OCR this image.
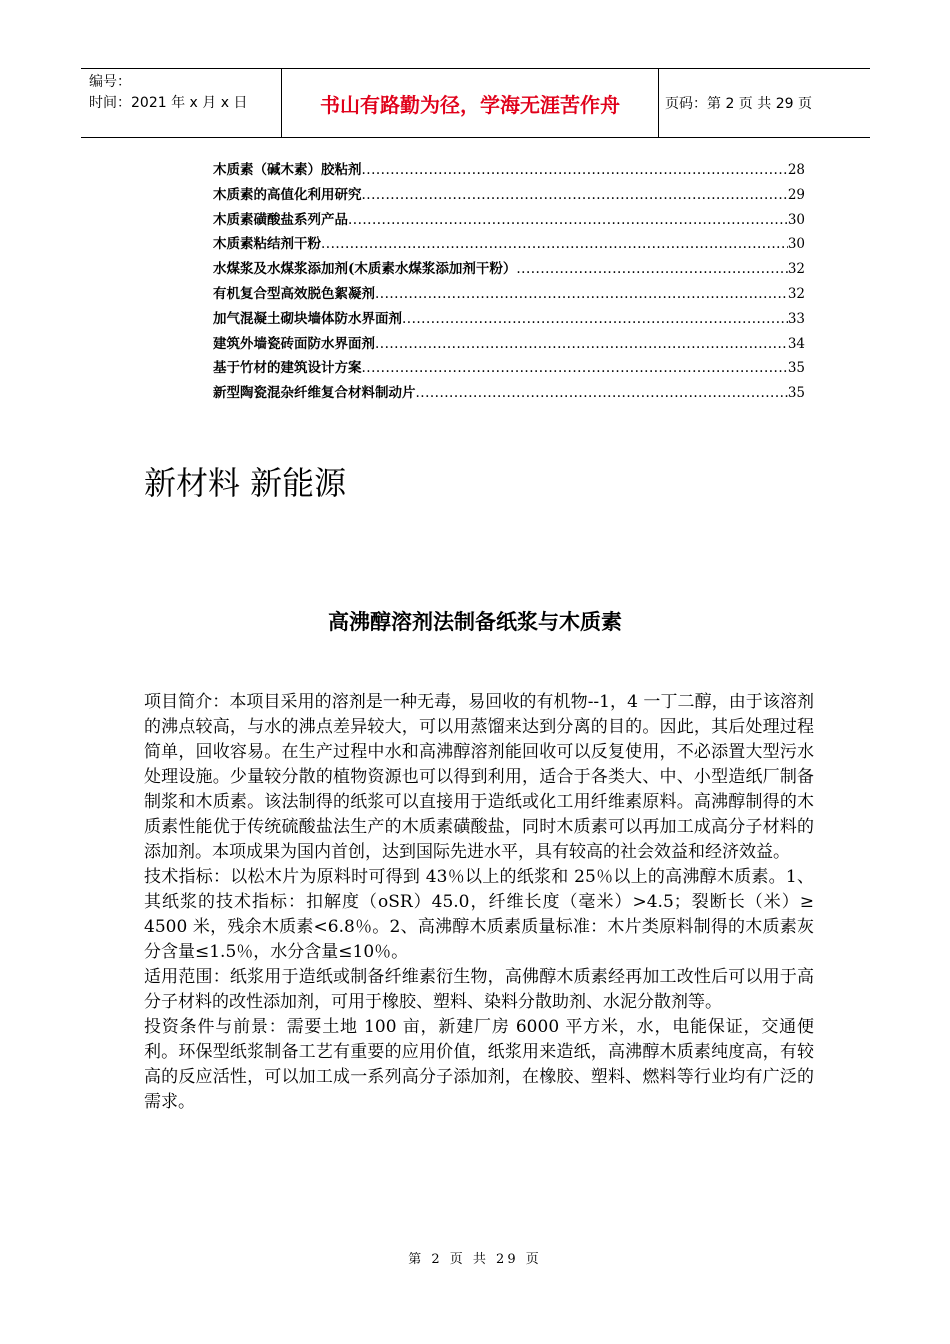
编号：
时间：2021 年 x 月 x 日	书山有路勤为径，学海无涯苦作舟	页码：第 2 页 共 29 页
木质素（碱木素）胶粘剂 .....	28
木质素的高值化利用研究 .....	29
木质素磺酸盐系列产品 .....	30
木质素粘结剂干粉 .....	30
水煤浆及水煤浆添加剂(木质素水煤浆添加剂干粉） .....	32
有机复合型高效脱色絮凝剂 .....	32
加气混凝土砌块墙体防水界面剂 .....	33
建筑外墙瓷砖面防水界面剂 .....	34
基于竹材的建筑设计方案 .....	35
新型陶瓷混杂纤维复合材料制动片 .....	35
新材料 新能源
高沸醇溶剂法制备纸浆与木质素

项目简介：本项目采用的溶剂是一种无毒，易回收的有机物--1，4 一丁二醇，由于该溶剂的沸点较高，与水的沸点差异较大，可以用蒸馏来达到分离的目的。因此，其后处理过程简单，回收容易。在生产过程中水和高沸醇溶剂能回收可以反复使用，不必添置大型污水处理设施。少量较分散的植物资源也可以得到利用，适合于各类大、中、小型造纸厂制备制浆和木质素。该法制得的纸浆可以直接用于造纸或化工用纤维素原料。高沸醇制得的木质素性能优于传统硫酸盐法生产的木质素磺酸盐，同时木质素可以再加工成高分子材料的添加剂。本项成果为国内首创，达到国际先进水平，具有较高的社会效益和经济效益。

技术指标：以松木片为原料时可得到 43％以上的纸浆和 25％以上的高沸醇木质素。1、其纸浆的技术指标：扣解度（oSR）45.0，纤维长度（毫米）>4.5；裂断长（米）≥ 4500 米，残余木质素<6.8％。2、高沸醇木质素质量标准：木片类原料制得的木质素灰分含量≤1.5％，水分含量≤10％。

适用范围：纸浆用于造纸或制备纤维素衍生物，高佛醇木质素经再加工改性后可以用于高分子材料的改性添加剂，可用于橡胶、塑料、染料分散助剂、水泥分散剂等。

投资条件与前景：需要土地 100 亩，新建厂房 6000 平方米，水，电能保证，交通便利。环保型纸浆制备工艺有重要的应用价值，纸浆用来造纸，高沸醇木质素纯度高，有较高的反应活性，可以加工成一系列高分子添加剂，在橡胶、塑料、燃料等行业均有广泛的需求。

第 2 页 共 29 页
